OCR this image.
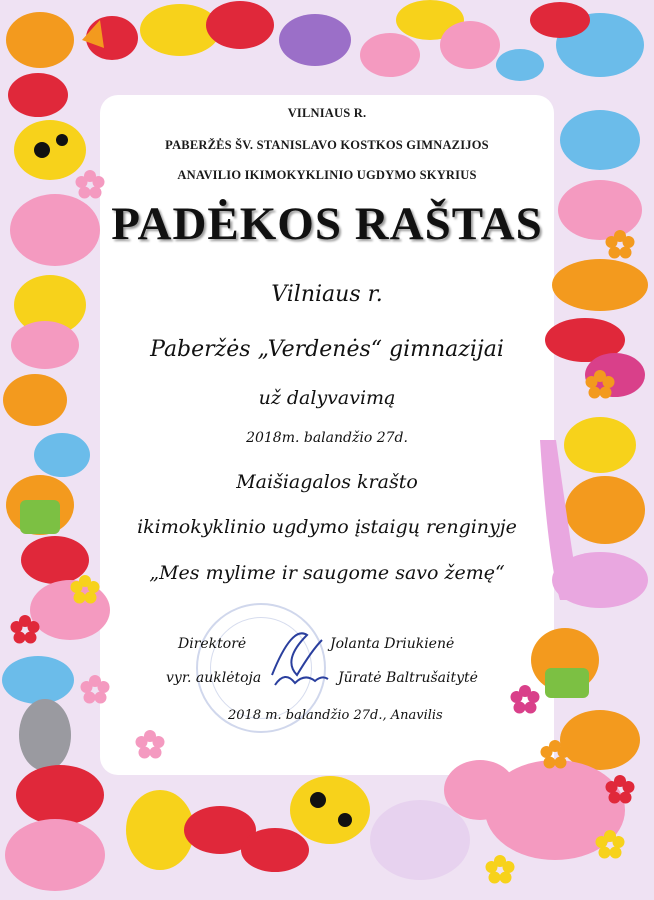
VILNIAUS R.
PABERŽĖS ŠV. STANISLAVO KOSTKOS GIMNAZIJOS
ANAVILIO IKIMOKYKLINIO UGDYMO SKYRIUS
PADĖKOS RAŠTAS
Vilniaus r.
Paberžės „Verdenės“ gimnazijai
už dalyvavimą
2018m. balandžio 27d.
Maišiagalos krašto
ikimokyklinio ugdymo įstaigų renginyje
„Mes mylime ir saugome savo žemę“
Direktorė	Jolanta Driukienė
vyr. auklėtoja	Jūratė Baltrušaitytė
2018 m. balandžio 27d., Anavilis
